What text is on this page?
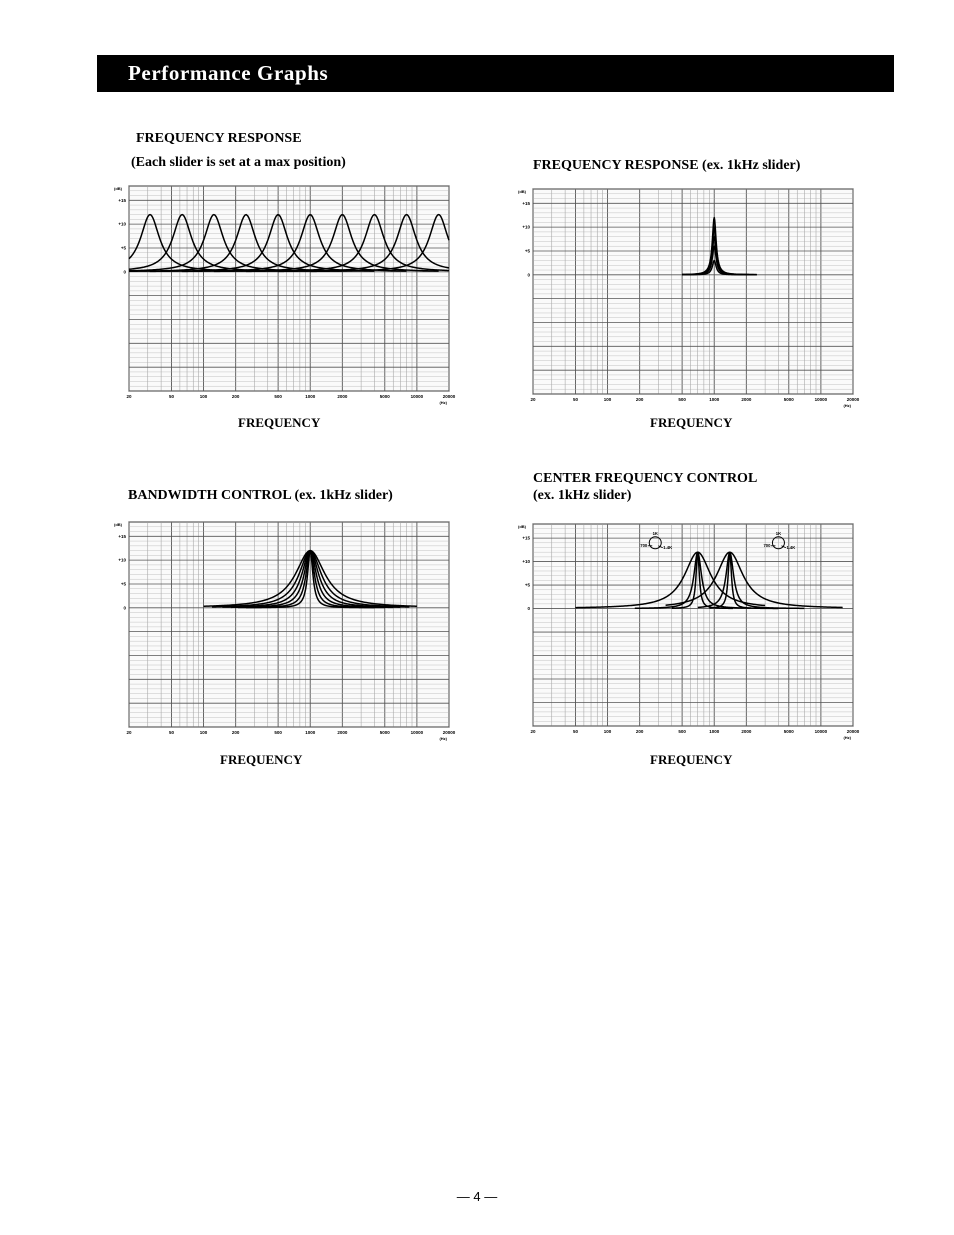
Performance Graphs
FREQUENCY RESPONSE
(Each slider is set at a max position)
20	50	100	200	500	1000	2000	5000	10000	20000
(Hz)
(dB)
+15
+10
+5
0
FREQUENCY
FREQUENCY RESPONSE (ex. 1kHz slider)
20	50	100	200	500	1000	2000	5000	10000	20000
(Hz)
(dB)
+15
+10
+5
0
FREQUENCY
BANDWIDTH CONTROL (ex. 1kHz slider)
20	50	100	200	500	1000	2000	5000	10000	20000
(Hz)
(dB)
+15
+10
+5
0
FREQUENCY
CENTER FREQUENCY CONTROL
(ex. 1kHz slider)
20	50	100	200	500	1000	2000	5000	10000	20000
(Hz)
(dB)
+15
+10
+5
0
1K
700	1.4K
1K
700	1.4K
FREQUENCY
— 4 —
